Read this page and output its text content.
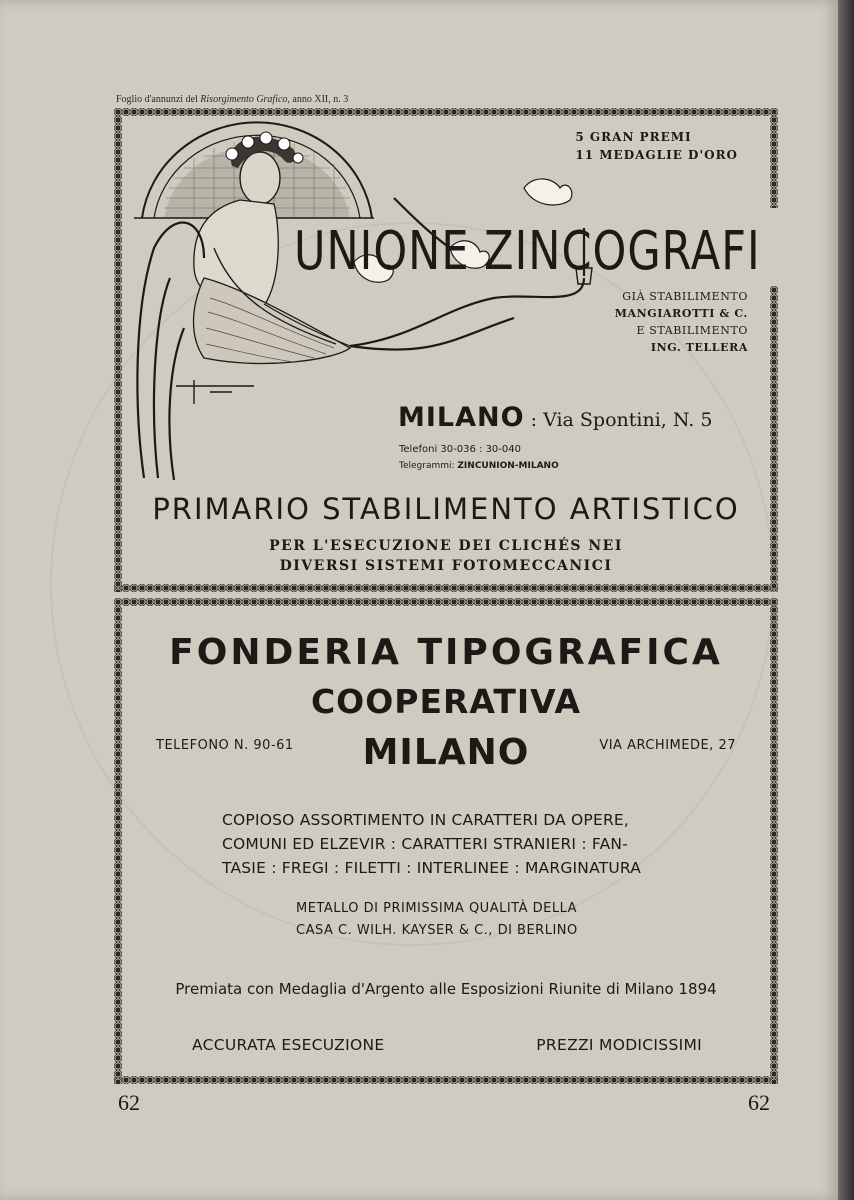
Foglio d'annunzi del Risorgimento Grafico, anno XII, n. 3
5 GRAN PREMI
11 MEDAGLIE D'ORO
UNIONE ZINCOGRAFI
GIÀ STABILIMENTO
MANGIAROTTI & C.
E STABILIMENTO
ING. TELLERA
MILANO : Via Spontini, N. 5
Telefoni 30-036 : 30-040
Telegrammi: ZINCUNION-MILANO
PRIMARIO STABILIMENTO ARTISTICO
PER L'ESECUZIONE DEI CLICHÉS NEI
DIVERSI SISTEMI FOTOMECCANICI
FONDERIA TIPOGRAFICA
COOPERATIVA
TELEFONO N. 90-61	MILANO	VIA ARCHIMEDE, 27
COPIOSO ASSORTIMENTO IN CARATTERI DA OPERE,
COMUNI ED ELZEVIR : CARATTERI STRANIERI : FAN-
TASIE : FREGI : FILETTI : INTERLINEE : MARGINATURA
METALLO DI PRIMISSIMA QUALITÀ DELLA
CASA C. WILH. KAYSER & C., DI BERLINO
Premiata con Medaglia d'Argento alle Esposizioni Riunite di Milano 1894
ACCURATA ESECUZIONE	PREZZI MODICISSIMI
62	62
